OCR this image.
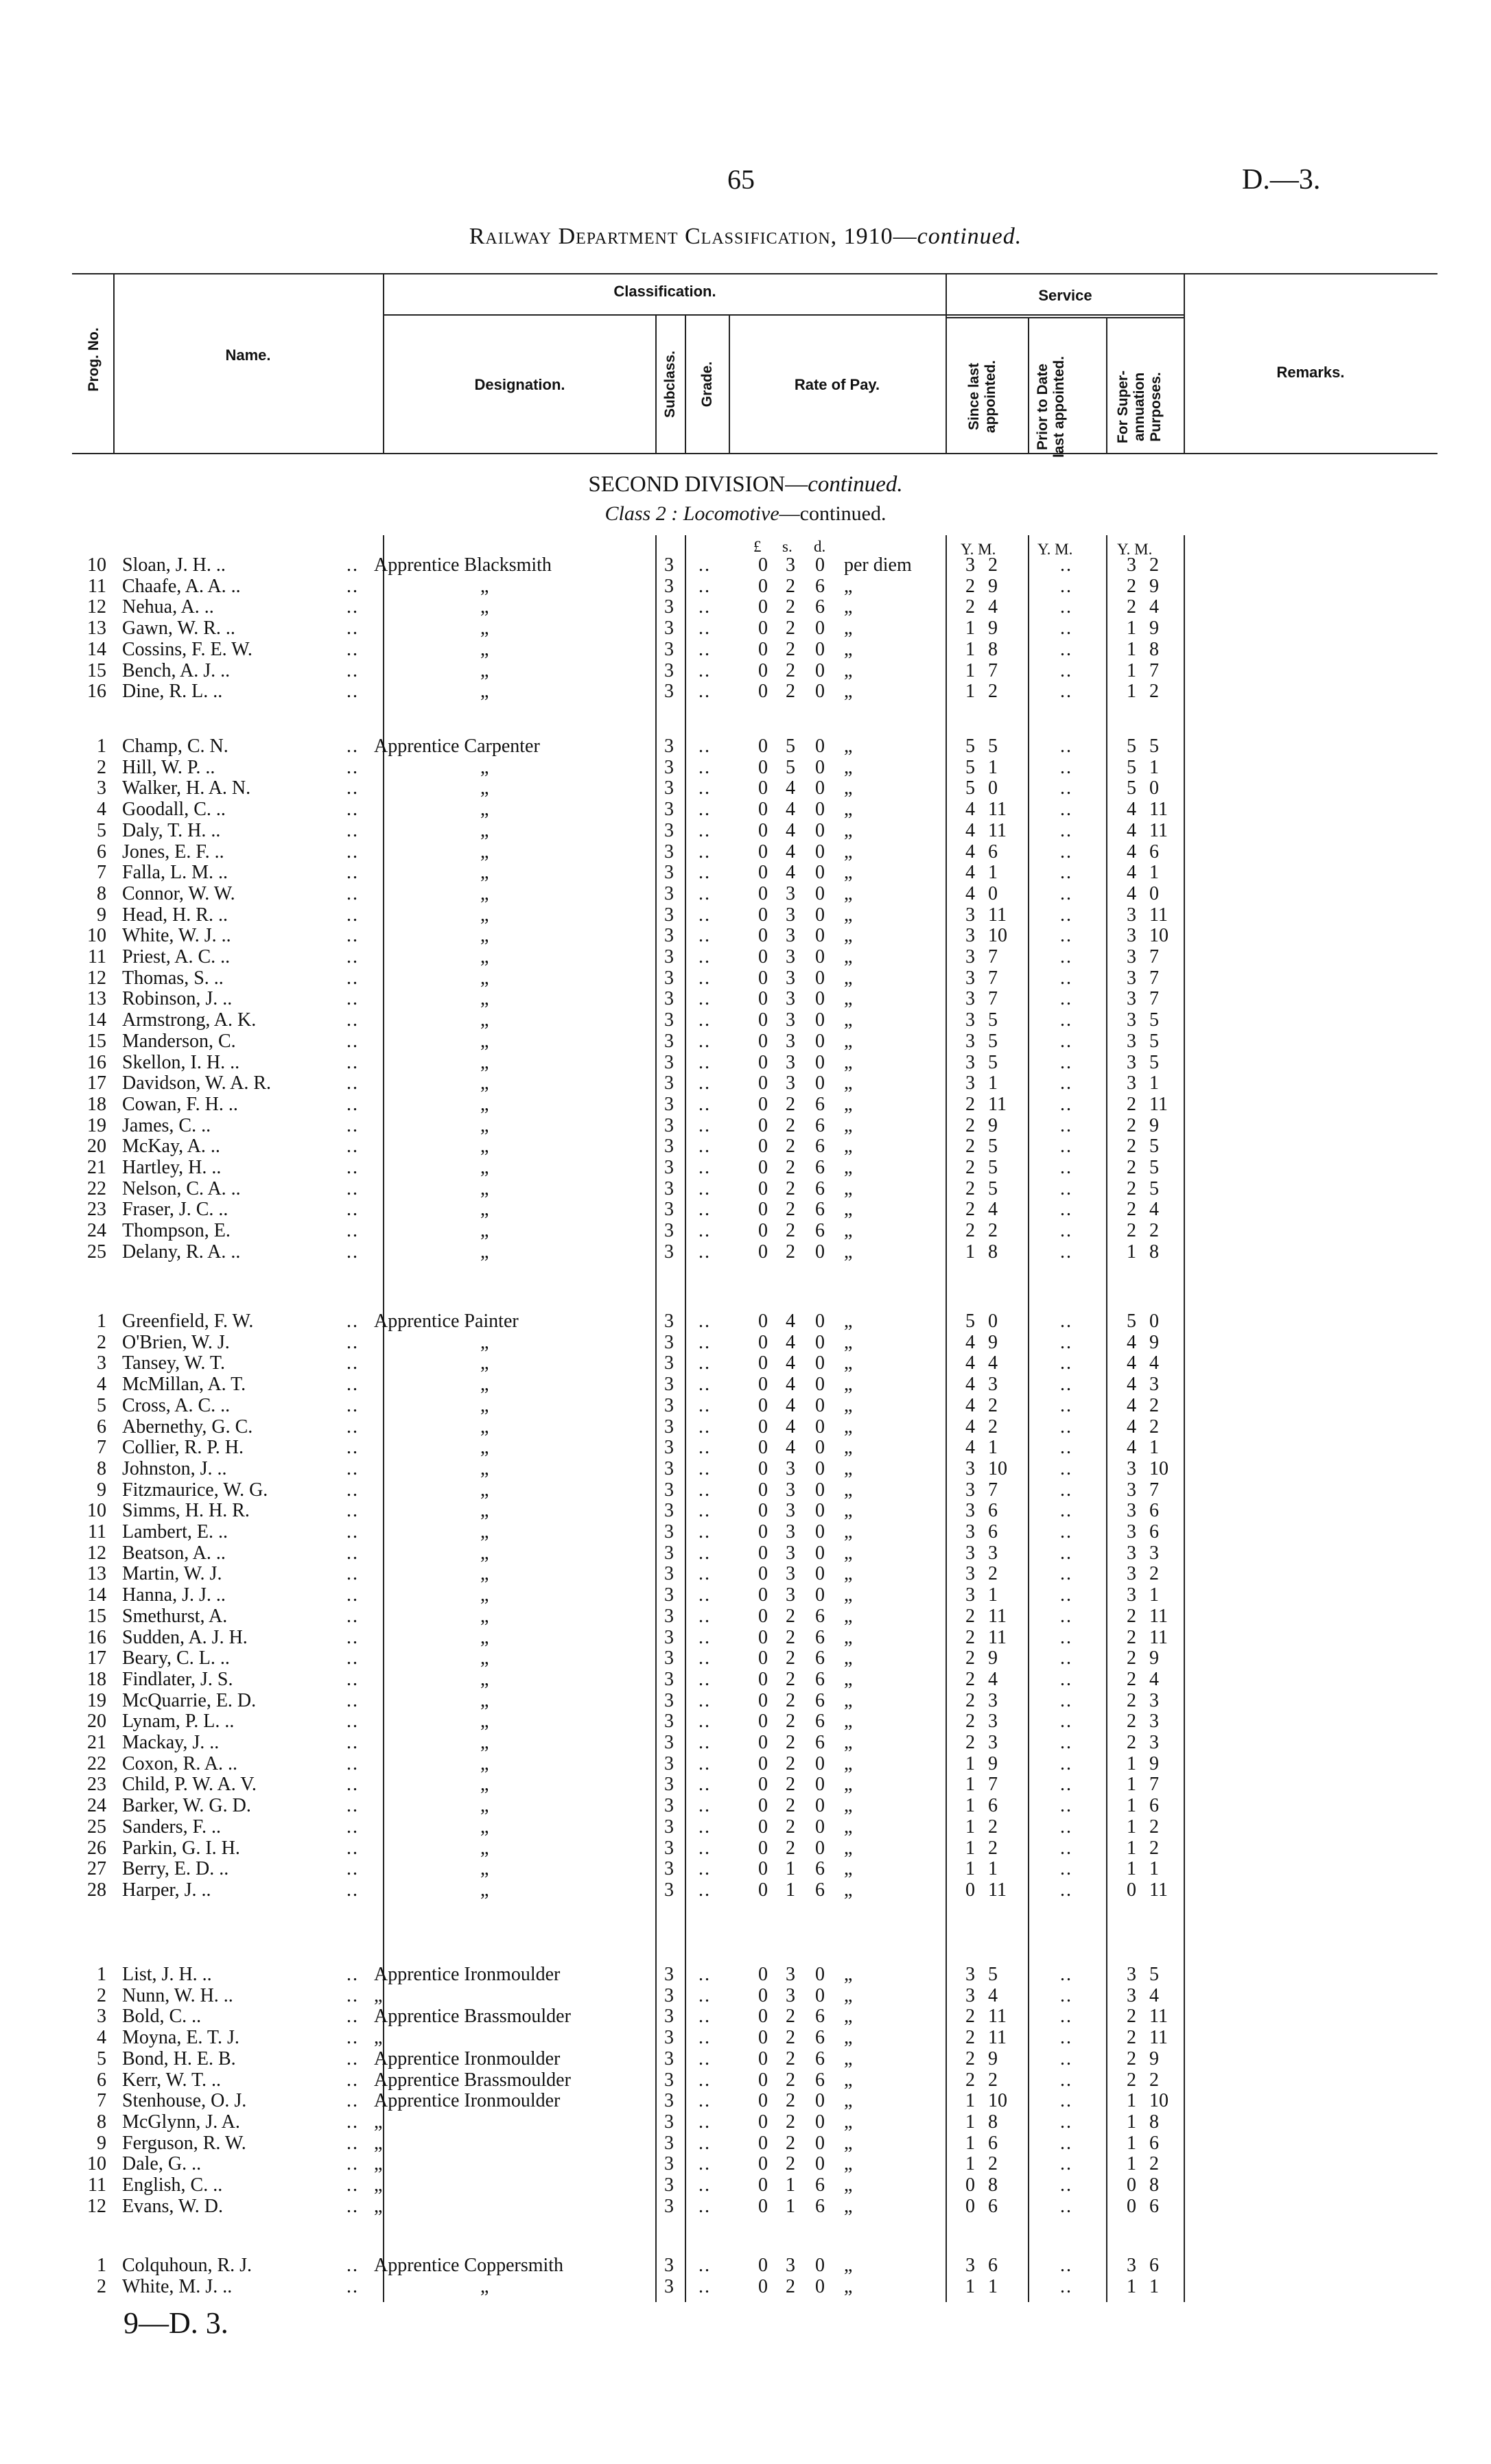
65	D.—3.
Railway Department Classification, 1910—continued.
Prog. No.	Name.
Classification.
Designation.	Subclass. Grade.	Rate of Pay.
Service
Since last appointed.	Prior to Date last appointed.	For Super-annuation Purposes.	Remarks.
SECOND DIVISION—continued.
Class 2 : Locomotive—continued.
£ s. d.	Y. M.	Y. M.	Y. M.
10 Sloan, J. H. ..	.. Apprentice Blacksmith	3 .. 0 3 0 per diem	3 2	..	3 2
11 Chaafe, A. A. ..	..	„	3 .. 0 2 6 „	2 9	..	2 9
12 Nehua, A. ..	..	„	3 .. 0 2 6 „	2 4	..	2 4
13 Gawn, W. R. ..	..	„	3 .. 0 2 0 „	1 9	..	1 9
14 Cossins, F. E. W.	..	„	3 .. 0 2 0 „	1 8	..	1 8
15 Bench, A. J. ..	..	„	3 .. 0 2 0 „	1 7	..	1 7
16 Dine, R. L. ..	..	„	3 .. 0 2 0 „	1 2	..	1 2
1 Champ, C. N.	.. Apprentice Carpenter	3 .. 0 5 0 „	5 5	..	5 5
2 Hill, W. P. ..	..	„	3 .. 0 5 0 „	5 1	..	5 1
3 Walker, H. A. N.	..	„	3 .. 0 4 0 „	5 0	..	5 0
4 Goodall, C. ..	..	„	3 .. 0 4 0 „	4 11	..	4 11
5 Daly, T. H. ..	..	„	3 .. 0 4 0 „	4 11	..	4 11
6 Jones, E. F. ..	..	„	3 .. 0 4 0 „	4 6	..	4 6
7 Falla, L. M. ..	..	„	3 .. 0 4 0 „	4 1	..	4 1
8 Connor, W. W.	..	„	3 .. 0 3 0 „	4 0	..	4 0
9 Head, H. R. ..	..	„	3 .. 0 3 0 „	3 11	..	3 11
10 White, W. J. ..	..	„	3 .. 0 3 0 „	3 10	..	3 10
11 Priest, A. C. ..	..	„	3 .. 0 3 0 „	3 7	..	3 7
12 Thomas, S. ..	..	„	3 .. 0 3 0 „	3 7	..	3 7
13 Robinson, J. ..	..	„	3 .. 0 3 0 „	3 7	..	3 7
14 Armstrong, A. K.	..	„	3 .. 0 3 0 „	3 5	..	3 5
15 Manderson, C.	..	„	3 .. 0 3 0 „	3 5	..	3 5
16 Skellon, I. H. ..	..	„	3 .. 0 3 0 „	3 5	..	3 5
17 Davidson, W. A. R.	..	„	3 .. 0 3 0 „	3 1	..	3 1
18 Cowan, F. H. ..	..	„	3 .. 0 2 6 „	2 11	..	2 11
19 James, C. ..	..	„	3 .. 0 2 6 „	2 9	..	2 9
20 McKay, A. ..	..	„	3 .. 0 2 6 „	2 5	..	2 5
21 Hartley, H. ..	..	„	3 .. 0 2 6 „	2 5	..	2 5
22 Nelson, C. A. ..	..	„	3 .. 0 2 6 „	2 5	..	2 5
23 Fraser, J. C. ..	..	„	3 .. 0 2 6 „	2 4	..	2 4
24 Thompson, E.	..	„	3 .. 0 2 6 „	2 2	..	2 2
25 Delany, R. A. ..	..	„	3 .. 0 2 0 „	1 8	..	1 8
1 Greenfield, F. W.	.. Apprentice Painter	3 .. 0 4 0 „	5 0	..	5 0
2 O'Brien, W. J.	..	„	3 .. 0 4 0 „	4 9	..	4 9
3 Tansey, W. T.	..	„	3 .. 0 4 0 „	4 4	..	4 4
4 McMillan, A. T.	..	„	3 .. 0 4 0 „	4 3	..	4 3
5 Cross, A. C. ..	..	„	3 .. 0 4 0 „	4 2	..	4 2
6 Abernethy, G. C.	..	„	3 .. 0 4 0 „	4 2	..	4 2
7 Collier, R. P. H.	..	„	3 .. 0 4 0 „	4 1	..	4 1
8 Johnston, J. ..	..	„	3 .. 0 3 0 „	3 10	..	3 10
9 Fitzmaurice, W. G.	..	„	3 .. 0 3 0 „	3 7	..	3 7
10 Simms, H. H. R.	..	„	3 .. 0 3 0 „	3 6	..	3 6
11 Lambert, E. ..	..	„	3 .. 0 3 0 „	3 6	..	3 6
12 Beatson, A. ..	..	„	3 .. 0 3 0 „	3 3	..	3 3
13 Martin, W. J.	..	„	3 .. 0 3 0 „	3 2	..	3 2
14 Hanna, J. J. ..	..	„	3 .. 0 3 0 „	3 1	..	3 1
15 Smethurst, A.	..	„	3 .. 0 2 6 „	2 11	..	2 11
16 Sudden, A. J. H.	..	„	3 .. 0 2 6 „	2 11	..	2 11
17 Beary, C. L. ..	..	„	3 .. 0 2 6 „	2 9	..	2 9
18 Findlater, J. S.	..	„	3 .. 0 2 6 „	2 4	..	2 4
19 McQuarrie, E. D.	..	„	3 .. 0 2 6 „	2 3	..	2 3
20 Lynam, P. L. ..	..	„	3 .. 0 2 6 „	2 3	..	2 3
21 Mackay, J. ..	..	„	3 .. 0 2 6 „	2 3	..	2 3
22 Coxon, R. A. ..	..	„	3 .. 0 2 0 „	1 9	..	1 9
23 Child, P. W. A. V.	..	„	3 .. 0 2 0 „	1 7	..	1 7
24 Barker, W. G. D.	..	„	3 .. 0 2 0 „	1 6	..	1 6
25 Sanders, F. ..	..	„	3 .. 0 2 0 „	1 2	..	1 2
26 Parkin, G. I. H.	..	„	3 .. 0 2 0 „	1 2	..	1 2
27 Berry, E. D. ..	..	„	3 .. 0 1 6 „	1 1	..	1 1
28 Harper, J. ..	..	„	3 .. 0 1 6 „	0 11	..	0 11
1 List, J. H. ..	.. Apprentice Ironmoulder	3 .. 0 3 0 „	3 5	..	3 5
2 Nunn, W. H. ..	.. „	3 .. 0 3 0 „	3 4	..	3 4
3 Bold, C. ..	.. Apprentice Brassmoulder	3 .. 0 2 6 „	2 11	..	2 11
4 Moyna, E. T. J.	.. „	3 .. 0 2 6 „	2 11	..	2 11
5 Bond, H. E. B.	.. Apprentice Ironmoulder	3 .. 0 2 6 „	2 9	..	2 9
6 Kerr, W. T. ..	.. Apprentice Brassmoulder	3 .. 0 2 6 „	2 2	..	2 2
7 Stenhouse, O. J.	.. Apprentice Ironmoulder	3 .. 0 2 0 „	1 10	..	1 10
8 McGlynn, J. A.	.. „	3 .. 0 2 0 „	1 8	..	1 8
9 Ferguson, R. W.	.. „	3 .. 0 2 0 „	1 6	..	1 6
10 Dale, G. ..	.. „	3 .. 0 2 0 „	1 2	..	1 2
11 English, C. ..	.. „	3 .. 0 1 6 „	0 8	..	0 8
12 Evans, W. D.	.. „	3 .. 0 1 6 „	0 6	..	0 6
1 Colquhoun, R. J.	.. Apprentice Coppersmith	3 .. 0 3 0 „	3 6	..	3 6
2 White, M. J. ..	..	„	3 .. 0 2 0 „	1 1	..	1 1
9—D. 3.
